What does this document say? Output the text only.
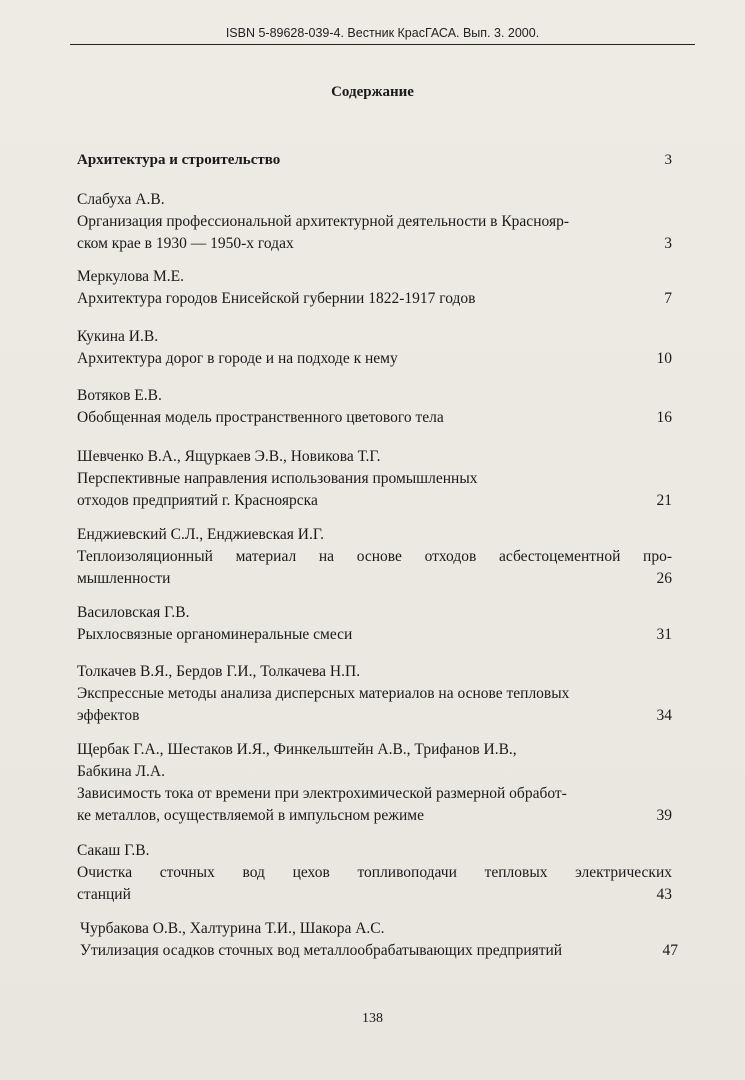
ISBN 5-89628-039-4. Вестник КрасГАСА. Вып. 3. 2000.
Содержание
Архитектура и строительство	3
Слабуха А.В.
Организация профессиональной архитектурной деятельности в Краснояр-
ском крае в 1930 — 1950-х годах	3
Меркулова М.Е.
Архитектура городов Енисейской губернии 1822-1917 годов	7
Кукина И.В.
Архитектура дорог в городе и на подходе к нему	10
Вотяков Е.В.
Обобщенная модель пространственного цветового тела	16
Шевченко В.А., Ящуркаев Э.В., Новикова Т.Г.
Перспективные направления использования промышленных
отходов предприятий г. Красноярска	21
Енджиевский С.Л., Енджиевская И.Г.
Теплоизоляционный материал на основе отходов асбестоцементной про-
мышленности	26
Василовская Г.В.
Рыхлосвязные органоминеральные смеси	31
Толкачев В.Я., Бердов Г.И., Толкачева Н.П.
Экспрессные методы анализа дисперсных материалов на основе тепловых
эффектов	34
Щербак Г.А., Шестаков И.Я., Финкельштейн А.В., Трифанов И.В.,
Бабкина Л.А.
Зависимость тока от времени при электрохимической размерной обработ-
ке металлов, осуществляемой в импульсном режиме	39
Сакаш Г.В.
Очистка сточных вод цехов топливоподачи тепловых электрических
станций	43
Чурбакова О.В., Халтурина Т.И., Шакора А.С.
Утилизация осадков сточных вод металлообрабатывающих предприятий	47
138
